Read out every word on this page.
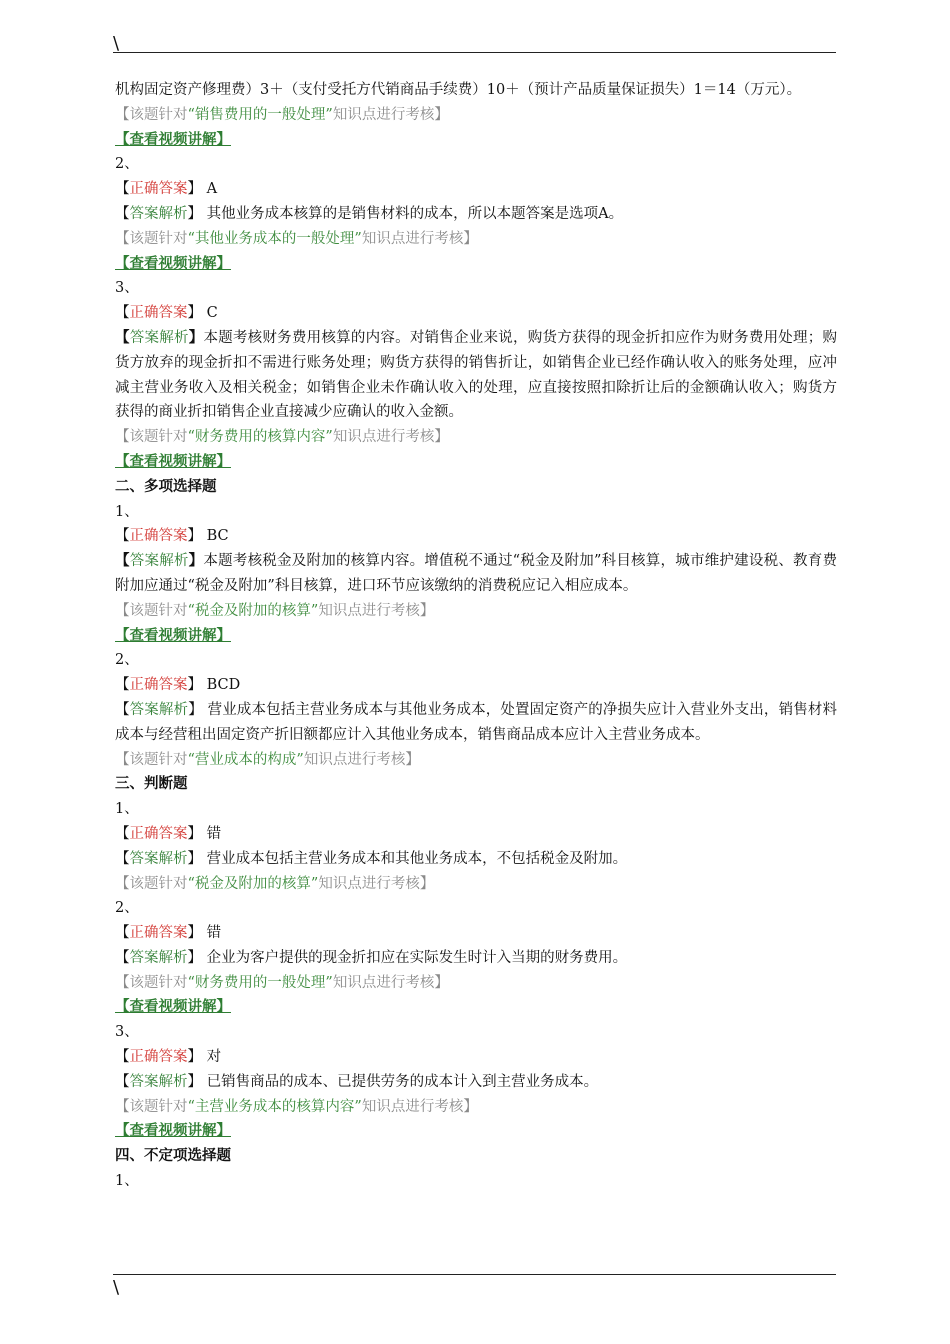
\
机构固定资产修理费）3＋（支付受托方代销商品手续费）10＋（预计产品质量保证损失）1＝14（万元）。
【该题针对“销售费用的一般处理”知识点进行考核】
【查看视频讲解】
2、
【正确答案】 A
【答案解析】 其他业务成本核算的是销售材料的成本，所以本题答案是选项A。
【该题针对“其他业务成本的一般处理”知识点进行考核】
【查看视频讲解】
3、
【正确答案】 C
【答案解析】本题考核财务费用核算的内容。对销售企业来说，购货方获得的现金折扣应作为财务费用处理；购货方放弃的现金折扣不需进行账务处理；购货方获得的销售折让，如销售企业已经作确认收入的账务处理，应冲减主营业务收入及相关税金；如销售企业未作确认收入的处理，应直接按照扣除折让后的金额确认收入；购货方获得的商业折扣销售企业直接减少应确认的收入金额。
【该题针对“财务费用的核算内容”知识点进行考核】
【查看视频讲解】
二、多项选择题
1、
【正确答案】 BC
【答案解析】本题考核税金及附加的核算内容。增值税不通过“税金及附加”科目核算，城市维护建设税、教育费附加应通过“税金及附加”科目核算，进口环节应该缴纳的消费税应记入相应成本。
【该题针对“税金及附加的核算”知识点进行考核】
【查看视频讲解】
2、
【正确答案】 BCD
【答案解析】 营业成本包括主营业务成本与其他业务成本，处置固定资产的净损失应计入营业外支出，销售材料成本与经营租出固定资产折旧额都应计入其他业务成本，销售商品成本应计入主营业务成本。
【该题针对“营业成本的构成”知识点进行考核】
三、判断题
1、
【正确答案】 错
【答案解析】 营业成本包括主营业务成本和其他业务成本，不包括税金及附加。
【该题针对“税金及附加的核算”知识点进行考核】
2、
【正确答案】 错
【答案解析】 企业为客户提供的现金折扣应在实际发生时计入当期的财务费用。
【该题针对“财务费用的一般处理”知识点进行考核】
【查看视频讲解】
3、
【正确答案】 对
【答案解析】 已销售商品的成本、已提供劳务的成本计入到主营业务成本。
【该题针对“主营业务成本的核算内容”知识点进行考核】
【查看视频讲解】
四、不定项选择题
1、
\
